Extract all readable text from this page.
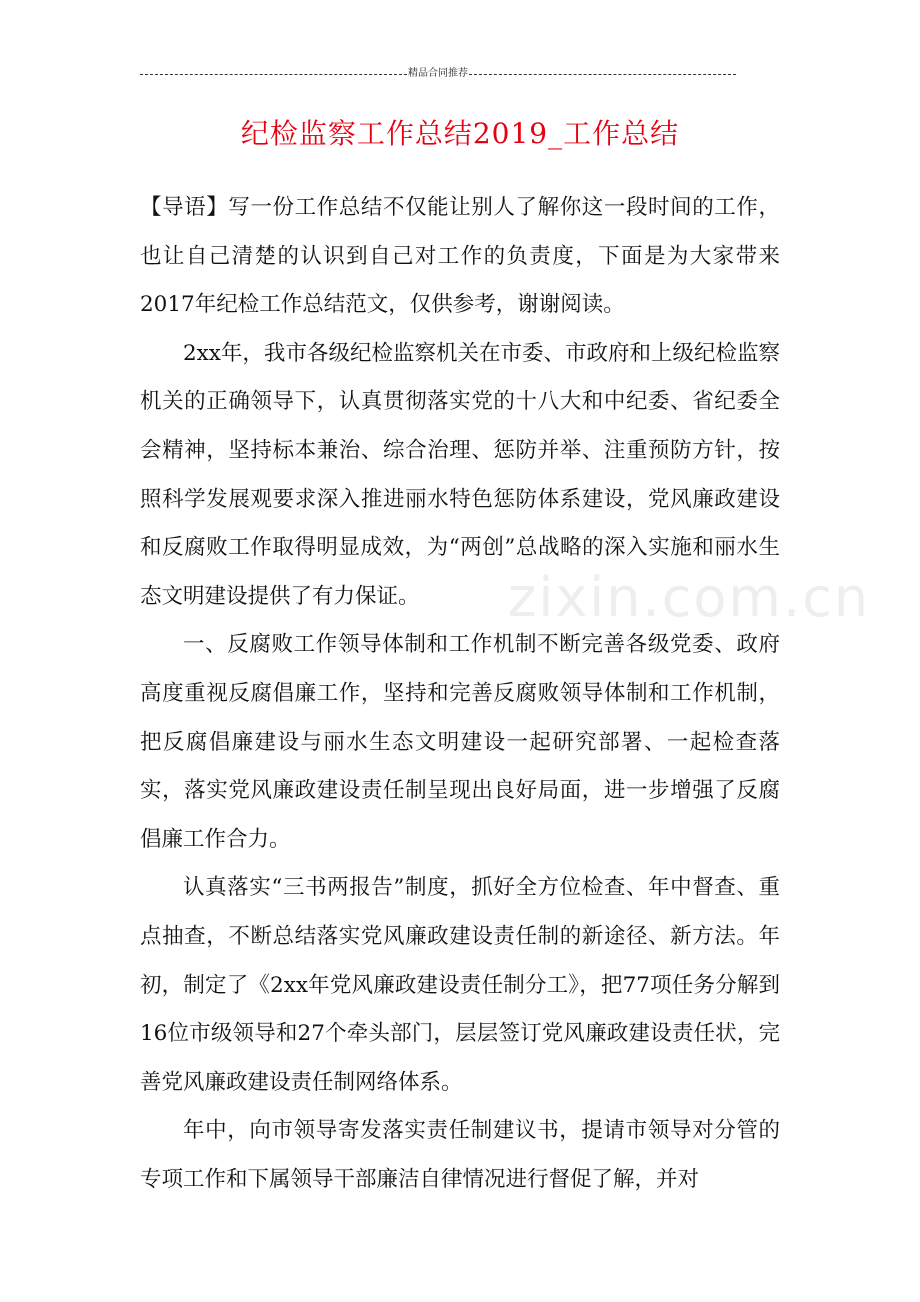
精品合同推荐
纪检监察工作总结2019_工作总结

【导语】写一份工作总结不仅能让别人了解你这一段时间的工作，也让自己清楚的认识到自己对工作的负责度，下面是为大家带来2017年纪检工作总结范文，仅供参考，谢谢阅读。

2xx年，我市各级纪检监察机关在市委、市政府和上级纪检监察机关的正确领导下，认真贯彻落实党的十八大和中纪委、省纪委全会精神，坚持标本兼治、综合治理、惩防并举、注重预防方针，按照科学发展观要求深入推进丽水特色惩防体系建设，党风廉政建设和反腐败工作取得明显成效，为“两创”总战略的深入实施和丽水生态文明建设提供了有力保证。

一、反腐败工作领导体制和工作机制不断完善各级党委、政府高度重视反腐倡廉工作，坚持和完善反腐败领导体制和工作机制，把反腐倡廉建设与丽水生态文明建设一起研究部署、一起检查落实，落实党风廉政建设责任制呈现出良好局面，进一步增强了反腐倡廉工作合力。

认真落实“三书两报告”制度，抓好全方位检查、年中督查、重点抽查，不断总结落实党风廉政建设责任制的新途径、新方法。年初，制定了《2xx年党风廉政建设责任制分工》，把77项任务分解到16位市级领导和27个牵头部门，层层签订党风廉政建设责任状，完善党风廉政建设责任制网络体系。

年中，向市领导寄发落实责任制建议书，提请市领导对分管的专项工作和下属领导干部廉洁自律情况进行督促了解，并对

zixin.com.cn
